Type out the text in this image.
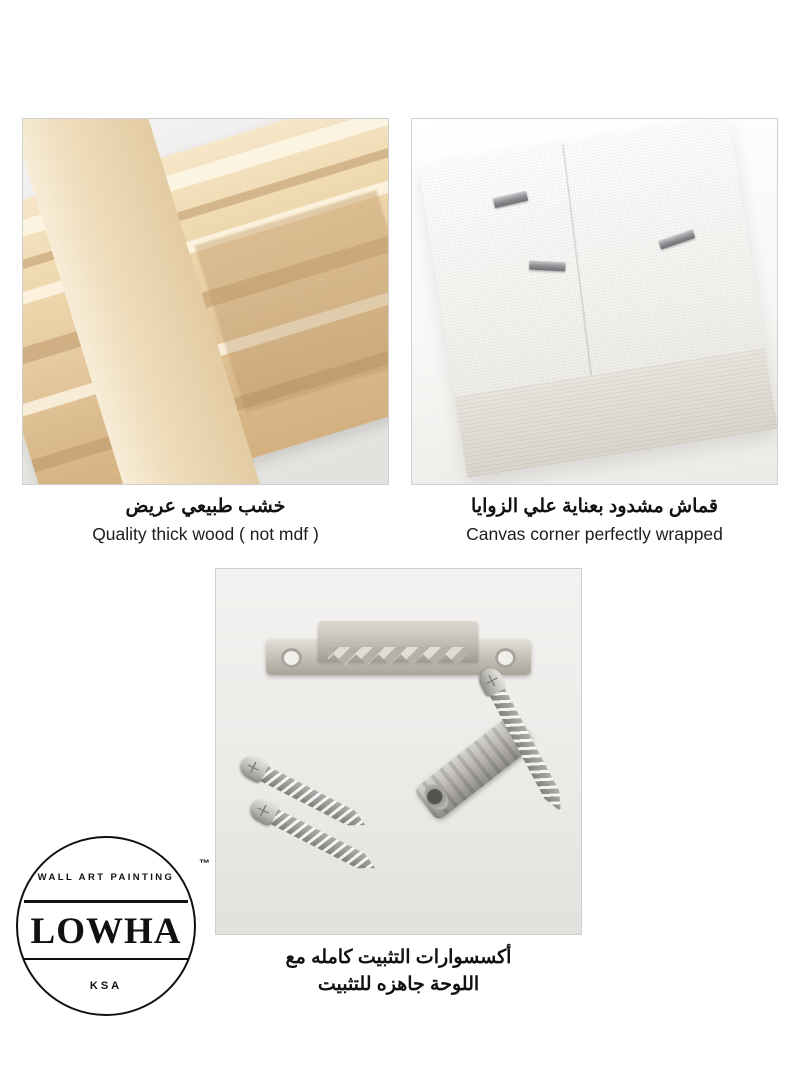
خشب طبيعي عريض
Quality thick wood ( not mdf )
قماش مشدود بعناية علي الزوايا
Canvas corner perfectly wrapped
أكسسوارات التثبيت كامله مع
اللوحة جاهزه للتثبيت
WALL ART PAINTING
LOWHA
KSA
™
